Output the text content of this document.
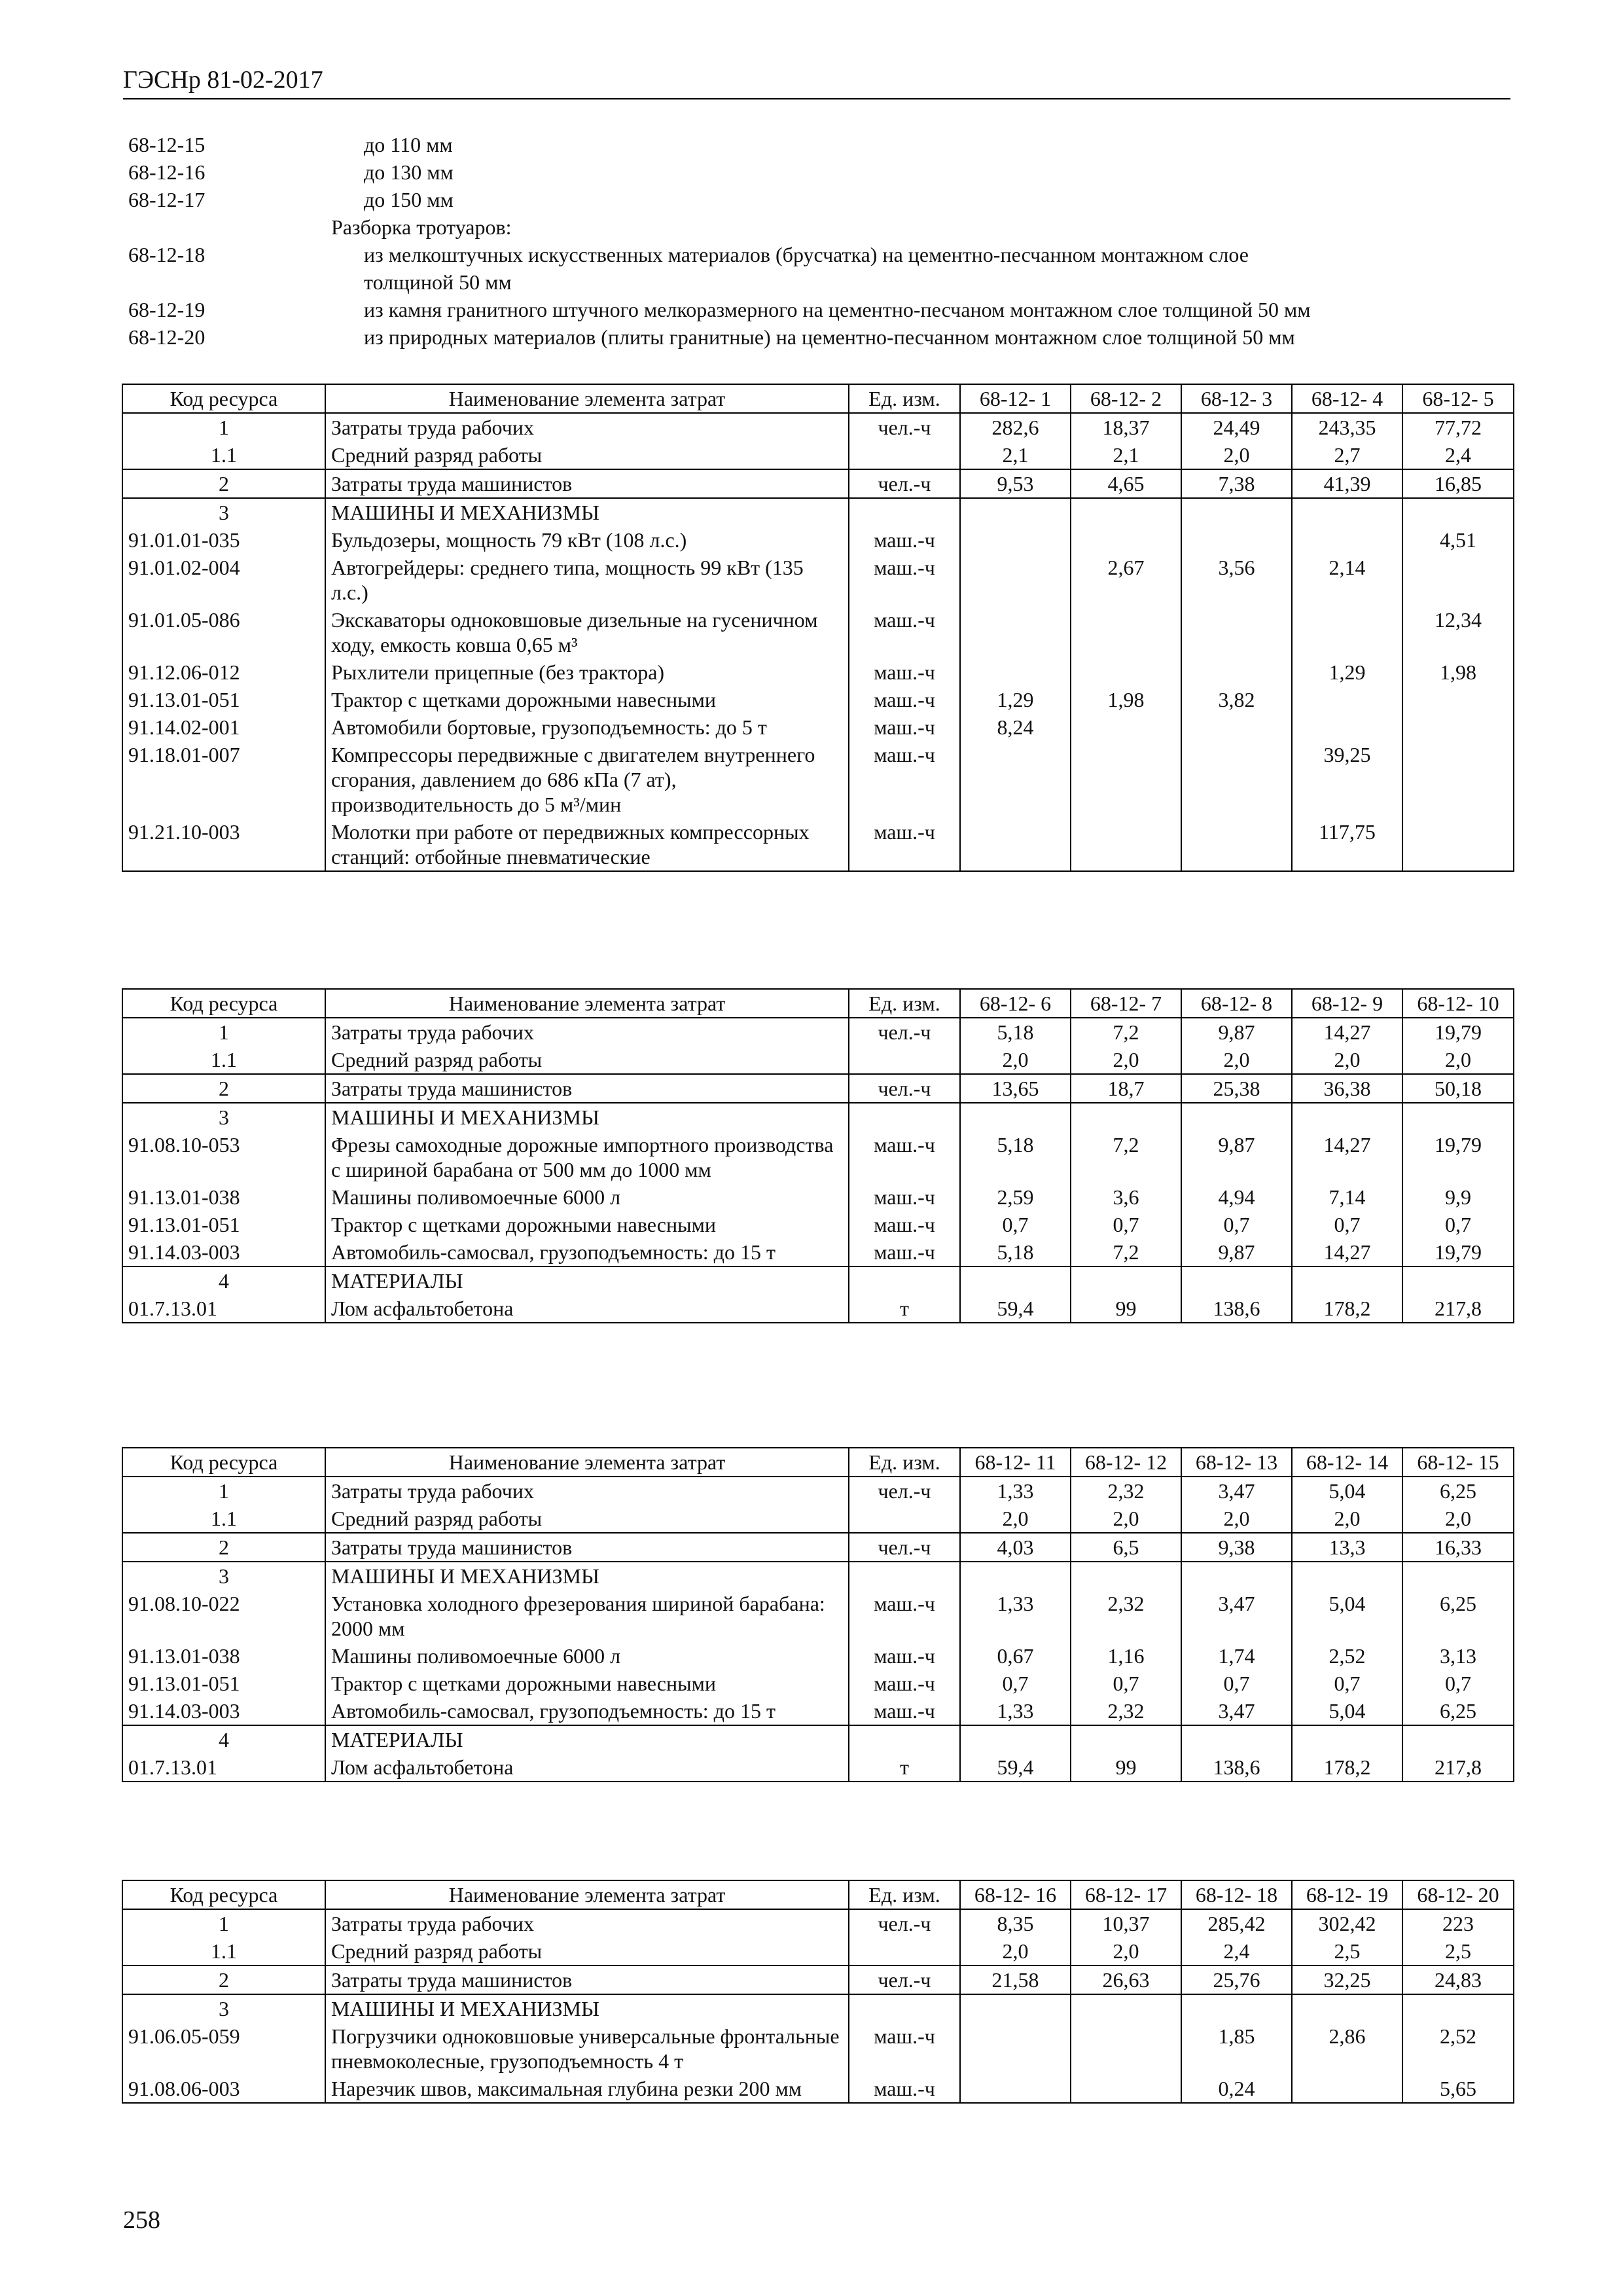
ГЭСНр 81-02-2017
68-12-15	до 110 мм
68-12-16	до 130 мм
68-12-17	до 150 мм
Разборка тротуаров:
68-12-18	из мелкоштучных искусственных материалов (брусчатка) на цементно-песчанном монтажном слое
толщиной 50 мм
68-12-19	из камня гранитного штучного мелкоразмерного на цементно-песчаном монтажном слое толщиной 50 мм
68-12-20	из природных материалов (плиты гранитные) на цементно-песчанном монтажном слое толщиной 50 мм
Код ресурса	Наименование элемента затрат	Ед. изм.	68-12- 1	68-12- 2	68-12- 3	68-12- 4	68-12- 5
1	Затраты труда рабочих	чел.-ч	282,6	18,37	24,49	243,35	77,72
1.1	Средний разряд работы		2,1	2,1	2,0	2,7	2,4
2	Затраты труда машинистов	чел.-ч	9,53	4,65	7,38	41,39	16,85
3	МАШИНЫ И МЕХАНИЗМЫ						
91.01.01-035	Бульдозеры, мощность 79 кВт (108 л.с.)	маш.-ч					4,51
91.01.02-004	Автогрейдеры: среднего типа, мощность 99 кВт (135 л.с.)	маш.-ч		2,67	3,56	2,14	
91.01.05-086	Экскаваторы одноковшовые дизельные на гусеничном ходу, емкость ковша 0,65 м³	маш.-ч					12,34
91.12.06-012	Рыхлители прицепные (без трактора)	маш.-ч				1,29	1,98
91.13.01-051	Трактор с щетками дорожными навесными	маш.-ч	1,29	1,98	3,82		
91.14.02-001	Автомобили бортовые, грузоподъемность: до 5 т	маш.-ч	8,24				
91.18.01-007	Компрессоры передвижные с двигателем внутреннего сгорания, давлением до 686 кПа (7 ат), производительность до 5 м³/мин	маш.-ч				39,25	
91.21.10-003	Молотки при работе от передвижных компрессорных станций: отбойные пневматические	маш.-ч				117,75	
Код ресурса	Наименование элемента затрат	Ед. изм.	68-12- 6	68-12- 7	68-12- 8	68-12- 9	68-12- 10
1	Затраты труда рабочих	чел.-ч	5,18	7,2	9,87	14,27	19,79
1.1	Средний разряд работы		2,0	2,0	2,0	2,0	2,0
2	Затраты труда машинистов	чел.-ч	13,65	18,7	25,38	36,38	50,18
3	МАШИНЫ И МЕХАНИЗМЫ						
91.08.10-053	Фрезы самоходные дорожные импортного производства с шириной барабана от 500 мм до 1000 мм	маш.-ч	5,18	7,2	9,87	14,27	19,79
91.13.01-038	Машины поливомоечные 6000 л	маш.-ч	2,59	3,6	4,94	7,14	9,9
91.13.01-051	Трактор с щетками дорожными навесными	маш.-ч	0,7	0,7	0,7	0,7	0,7
91.14.03-003	Автомобиль-самосвал, грузоподъемность: до 15 т	маш.-ч	5,18	7,2	9,87	14,27	19,79
4	МАТЕРИАЛЫ						
01.7.13.01	Лом асфальтобетона	т	59,4	99	138,6	178,2	217,8
Код ресурса	Наименование элемента затрат	Ед. изм.	68-12- 11	68-12- 12	68-12- 13	68-12- 14	68-12- 15
1	Затраты труда рабочих	чел.-ч	1,33	2,32	3,47	5,04	6,25
1.1	Средний разряд работы		2,0	2,0	2,0	2,0	2,0
2	Затраты труда машинистов	чел.-ч	4,03	6,5	9,38	13,3	16,33
3	МАШИНЫ И МЕХАНИЗМЫ						
91.08.10-022	Установка холодного фрезерования шириной барабана: 2000 мм	маш.-ч	1,33	2,32	3,47	5,04	6,25
91.13.01-038	Машины поливомоечные 6000 л	маш.-ч	0,67	1,16	1,74	2,52	3,13
91.13.01-051	Трактор с щетками дорожными навесными	маш.-ч	0,7	0,7	0,7	0,7	0,7
91.14.03-003	Автомобиль-самосвал, грузоподъемность: до 15 т	маш.-ч	1,33	2,32	3,47	5,04	6,25
4	МАТЕРИАЛЫ						
01.7.13.01	Лом асфальтобетона	т	59,4	99	138,6	178,2	217,8
Код ресурса	Наименование элемента затрат	Ед. изм.	68-12- 16	68-12- 17	68-12- 18	68-12- 19	68-12- 20
1	Затраты труда рабочих	чел.-ч	8,35	10,37	285,42	302,42	223
1.1	Средний разряд работы		2,0	2,0	2,4	2,5	2,5
2	Затраты труда машинистов	чел.-ч	21,58	26,63	25,76	32,25	24,83
3	МАШИНЫ И МЕХАНИЗМЫ						
91.06.05-059	Погрузчики одноковшовые универсальные фронтальные пневмоколесные, грузоподъемность 4 т	маш.-ч			1,85	2,86	2,52
91.08.06-003	Нарезчик швов, максимальная глубина резки 200 мм	маш.-ч			0,24		5,65
258
